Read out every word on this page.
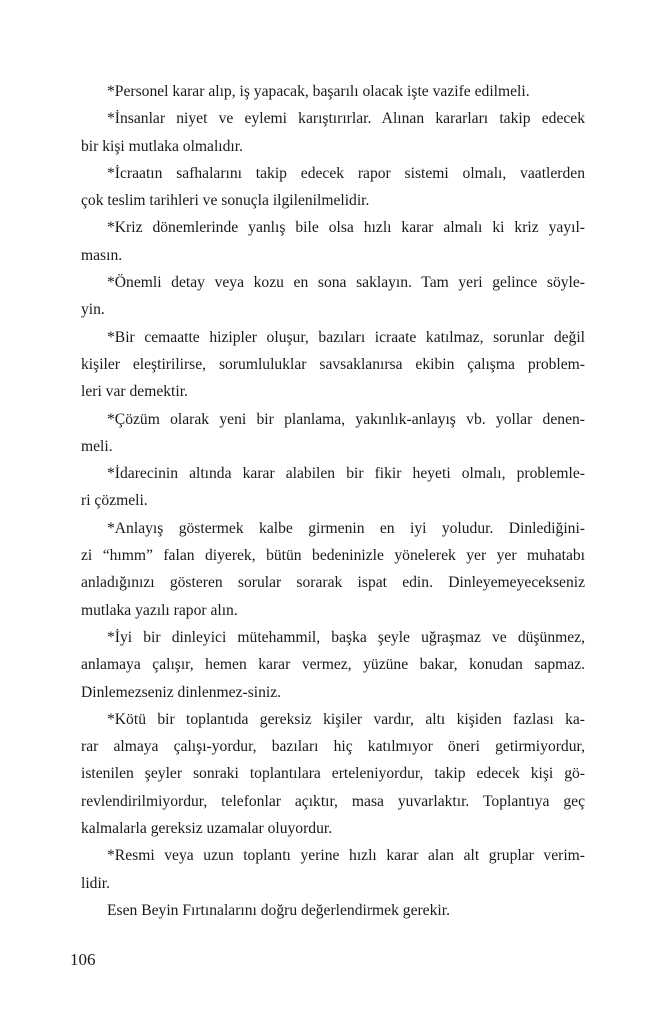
*Personel karar alıp, iş yapacak, başarılı olacak işte vazife edilmeli.
*İnsanlar niyet ve eylemi karıştırırlar. Alınan kararları takip edecek
bir kişi mutlaka olmalıdır.
*İcraatın safhalarını takip edecek rapor sistemi olmalı, vaatlerden
çok teslim tarihleri ve sonuçla ilgilenilmelidir.
*Kriz dönemlerinde yanlış bile olsa hızlı karar almalı ki kriz yayıl-
masın.
*Önemli detay veya kozu en sona saklayın. Tam yeri gelince söyle-
yin.
*Bir cemaatte hizipler oluşur, bazıları icraate katılmaz, sorunlar değil
kişiler eleştirilirse, sorumluluklar savsaklanırsa ekibin çalışma problem-
leri var demektir.
*Çözüm olarak yeni bir planlama, yakınlık-anlayış vb. yollar denen-
meli.
*İdarecinin altında karar alabilen bir fikir heyeti olmalı, problemle-
ri çözmeli.
*Anlayış göstermek kalbe girmenin en iyi yoludur. Dinlediğini-
zi “hımm” falan diyerek, bütün bedeninizle yönelerek yer yer muhatabı
anladığınızı gösteren sorular sorarak ispat edin. Dinleyemeyecekseniz
mutlaka yazılı rapor alın.
*İyi bir dinleyici mütehammil, başka şeyle uğraşmaz ve düşünmez,
anlamaya çalışır, hemen karar vermez, yüzüne bakar, konudan sapmaz.
Dinlemezseniz dinlenmez-siniz.
*Kötü bir toplantıda gereksiz kişiler vardır, altı kişiden fazlası ka-
rar almaya çalışı-yordur, bazıları hiç katılmıyor öneri getirmiyordur,
istenilen şeyler sonraki toplantılara erteleniyordur, takip edecek kişi gö-
revlendirilmiyordur, telefonlar açıktır, masa yuvarlaktır. Toplantıya geç
kalmalarla gereksiz uzamalar oluyordur.
*Resmi veya uzun toplantı yerine hızlı karar alan alt gruplar verim-
lidir.
Esen Beyin Fırtınalarını doğru değerlendirmek gerekir.
106
